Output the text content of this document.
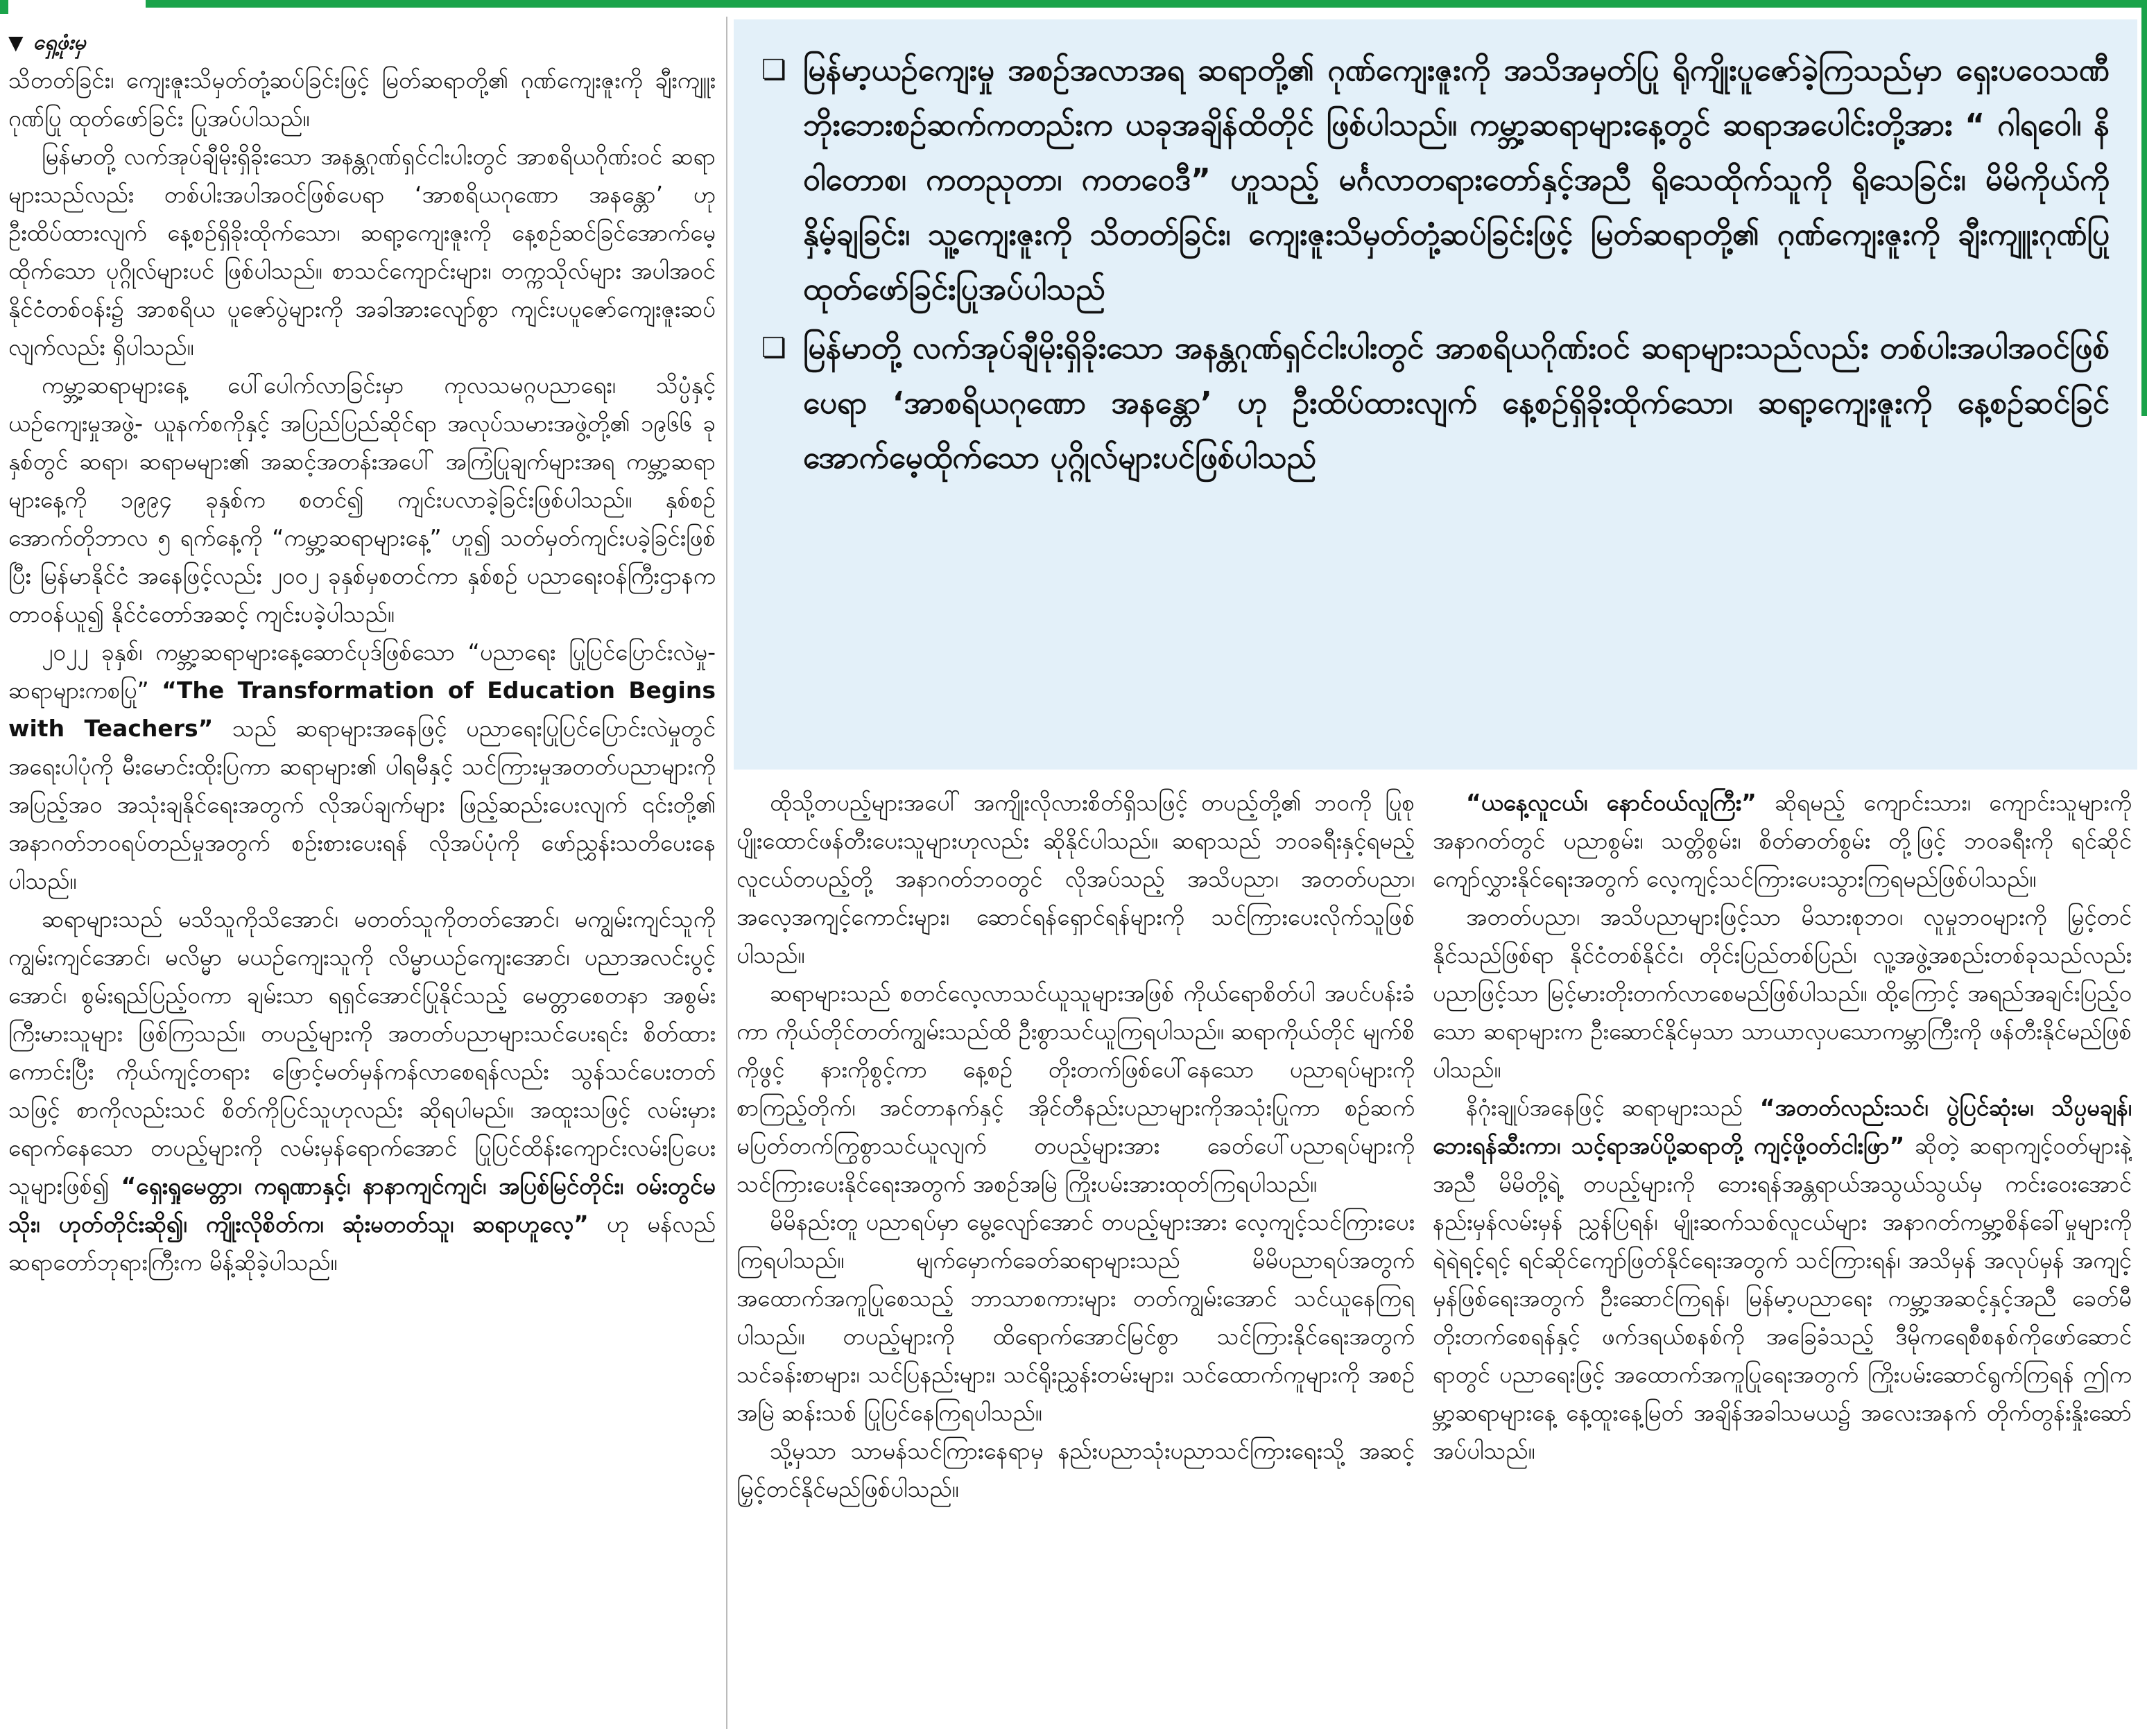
▼ ရှေ့ဖုံးမှ

သိတတ်ခြင်း၊ ကျေးဇူးသိမှတ်တုံ့ဆပ်ခြင်းဖြင့် မြတ်ဆရာတို့၏ ဂုဏ်ကျေးဇူးကို ချီးကျူးဂုဏ်ပြု ထုတ်ဖော်ခြင်း ပြုအပ်ပါသည်။

မြန်မာတို့ လက်အုပ်ချီမိုးရှိခိုးသော အနန္တဂုဏ်ရှင်ငါးပါးတွင် အာစရိယဂိုဏ်းဝင် ဆရာများသည်လည်း တစ်ပါးအပါအဝင်ဖြစ်ပေရာ ‘အာစရိယဂုဏော အနန္တော’ ဟု ဦးထိပ်ထားလျက် နေ့စဉ်ရှိခိုးထိုက်သော၊ ဆရာ့ကျေးဇူးကို နေ့စဉ်ဆင်ခြင်အောက်မေ့ထိုက်သော ပုဂ္ဂိုလ်များပင် ဖြစ်ပါသည်။ စာသင်ကျောင်းများ၊ တက္ကသိုလ်များ အပါအဝင် နိုင်ငံတစ်ဝန်း၌ အာစရိယ ပူဇော်ပွဲများကို အခါအားလျော်စွာ ကျင်းပပူဇော်ကျေးဇူးဆပ်လျက်လည်း ရှိပါသည်။

ကမ္ဘာ့ဆရာများနေ့ ပေါ်ပေါက်လာခြင်းမှာ ကုလသမဂ္ဂပညာရေး၊ သိပ္ပံနှင့် ယဉ်ကျေးမှုအဖွဲ့- ယူနက်စကိုနှင့် အပြည်ပြည်ဆိုင်ရာ အလုပ်သမားအဖွဲ့တို့၏ ၁၉၆၆ ခုနှစ်တွင် ဆရာ၊ ဆရာမများ၏ အဆင့်အတန်းအပေါ် အကြံပြုချက်များအရ ကမ္ဘာ့ဆရာများနေ့ကို ၁၉၉၄ ခုနှစ်က စတင်၍ ကျင်းပလာခဲ့ခြင်းဖြစ်ပါသည်။ နှစ်စဉ် အောက်တိုဘာလ ၅ ရက်နေ့ကို “ကမ္ဘာ့ဆရာများနေ့” ဟူ၍ သတ်မှတ်ကျင်းပခဲ့ခြင်းဖြစ်ပြီး မြန်မာနိုင်ငံ အနေဖြင့်လည်း ၂၀၀၂ ခုနှစ်မှစတင်ကာ နှစ်စဉ် ပညာရေးဝန်ကြီးဌာနက တာဝန်ယူ၍ နိုင်ငံတော်အဆင့် ကျင်းပခဲ့ပါသည်။

၂၀၂၂ ခုနှစ်၊ ကမ္ဘာ့ဆရာများနေ့ဆောင်ပုဒ်ဖြစ်သော “ပညာရေး ပြုပြင်ပြောင်းလဲမှု- ဆရာများကစပြု” “The Transformation of Education Begins with Teachers” သည် ဆရာများအနေဖြင့် ပညာရေးပြုပြင်ပြောင်းလဲမှုတွင် အရေးပါပုံကို မီးမောင်းထိုးပြကာ ဆရာများ၏ ပါရမီနှင့် သင်ကြားမှုအတတ်ပညာများကို အပြည့်အဝ အသုံးချနိုင်ရေးအတွက် လိုအပ်ချက်များ ဖြည့်ဆည်းပေးလျက် ၎င်းတို့၏ အနာဂတ်ဘဝရပ်တည်မှုအတွက် စဉ်းစားပေးရန် လိုအပ်ပုံကို ဖော်ညွှန်းသတိပေးနေပါသည်။

ဆရာများသည် မသိသူကိုသိအောင်၊ မတတ်သူကိုတတ်အောင်၊ မကျွမ်းကျင်သူကို ကျွမ်းကျင်အောင်၊ မလိမ္မာ မယဉ်ကျေးသူကို လိမ္မာယဉ်ကျေးအောင်၊ ပညာအလင်းပွင့်အောင်၊ စွမ်းရည်ပြည့်ဝကာ ချမ်းသာ ရရှင်အောင်ပြုနိုင်သည့် မေတ္တာစေတနာ အစွမ်းကြီးမားသူများ ဖြစ်ကြသည်။ တပည့်များကို အတတ်ပညာများသင်ပေးရင်း စိတ်ထားကောင်းပြီး ကိုယ်ကျင့်တရား ဖြောင့်မတ်မှန်ကန်လာစေရန်လည်း သွန်သင်ပေးတတ်သဖြင့် စာကိုလည်းသင် စိတ်ကိုပြင်သူဟုလည်း ဆိုရပါမည်။ အထူးသဖြင့် လမ်းမှားရောက်နေသော တပည့်များကို လမ်းမှန်ရောက်အောင် ပြုပြင်ထိန်းကျောင်းလမ်းပြပေးသူများဖြစ်၍ “ရှေးရှုမေတ္တာ၊ ကရုဏာနှင့်၊ နာနာကျင်ကျင်၊ အပြစ်မြင်တိုင်း၊ ဝမ်းတွင်မသိုး၊ ဟုတ်တိုင်းဆို၍၊ ကျိုးလိုစိတ်က၊ ဆုံးမတတ်သူ၊ ဆရာဟူလေ့” ဟု မန်လည်ဆရာတော်ဘုရားကြီးက မိန့်ဆိုခဲ့ပါသည်။

❏ မြန်မာ့ယဉ်ကျေးမှု အစဉ်အလာအရ ဆရာတို့၏ ဂုဏ်ကျေးဇူးကို အသိအမှတ်ပြု ရိုကျိုးပူဇော်ခဲ့ကြသည်မှာ ရှေးပဝေသဏီ ဘိုးဘေးစဉ်ဆက်ကတည်းက ယခုအချိန်ထိတိုင် ဖြစ်ပါသည်။ ကမ္ဘာ့ဆရာများနေ့တွင် ဆရာအပေါင်းတို့အား “ ဂါရဝေါ၊ နိဝါတောစ၊ ကတညုတာ၊ ကတဝေဒီ” ဟူသည့် မင်္ဂလာတရားတော်နှင့်အညီ ရိုသေထိုက်သူကို ရိုသေခြင်း၊ မိမိကိုယ်ကို နှိမ့်ချခြင်း၊ သူ့ကျေးဇူးကို သိတတ်ခြင်း၊ ကျေးဇူးသိမှတ်တုံ့ဆပ်ခြင်းဖြင့် မြတ်ဆရာတို့၏ ဂုဏ်ကျေးဇူးကို ချီးကျူးဂုဏ်ပြု ထုတ်ဖော်ခြင်းပြုအပ်ပါသည်

❏ မြန်မာတို့ လက်အုပ်ချီမိုးရှိခိုးသော အနန္တဂုဏ်ရှင်ငါးပါးတွင် အာစရိယဂိုဏ်းဝင် ဆရာများသည်လည်း တစ်ပါးအပါအဝင်ဖြစ်ပေရာ ‘အာစရိယဂုဏော အနန္တော’ ဟု ဦးထိပ်ထားလျက် နေ့စဉ်ရှိခိုးထိုက်သော၊ ဆရာ့ကျေးဇူးကို နေ့စဉ်ဆင်ခြင်အောက်မေ့ထိုက်သော ပုဂ္ဂိုလ်များပင်ဖြစ်ပါသည်

ထိုသို့တပည့်များအပေါ် အကျိုးလိုလားစိတ်ရှိသဖြင့် တပည့်တို့၏ ဘဝကို ပြုစုပျိုးထောင်ဖန်တီးပေးသူများဟုလည်း ဆိုနိုင်ပါသည်။ ဆရာသည် ဘဝခရီးနှင့်ရမည့်လူငယ်တပည့်တို့ အနာဂတ်ဘဝတွင် လိုအပ်သည့် အသိပညာ၊ အတတ်ပညာ၊ အလေ့အကျင့်ကောင်းများ၊ ဆောင်ရန်ရှောင်ရန်များကို သင်ကြားပေးလိုက်သူဖြစ်ပါသည်။

ဆရာများသည် စတင်လေ့လာသင်ယူသူများအဖြစ် ကိုယ်ရောစိတ်ပါ အပင်ပန်းခံကာ ကိုယ်တိုင်တတ်ကျွမ်းသည်ထိ ဦးစွာသင်ယူကြရပါသည်။ ဆရာကိုယ်တိုင် မျက်စိကိုဖွင့် နားကိုစွင့်ကာ နေ့စဉ် တိုးတက်ဖြစ်ပေါ်နေသော ပညာရပ်များကို စာကြည့်တိုက်၊ အင်တာနက်နှင့် အိုင်တီနည်းပညာများကိုအသုံးပြုကာ စဉ်ဆက်မပြတ်တက်ကြွစွာသင်ယူလျက် တပည့်များအား ခေတ်ပေါ်ပညာရပ်များကို သင်ကြားပေးနိုင်ရေးအတွက် အစဉ်အမြဲ ကြိုးပမ်းအားထုတ်ကြရပါသည်။

မိမိနည်းတူ ပညာရပ်မှာ မွေ့လျော်အောင် တပည့်များအား လေ့ကျင့်သင်ကြားပေးကြရပါသည်။ မျက်မှောက်ခေတ်ဆရာများသည် မိမိပညာရပ်အတွက် အထောက်အကူပြုစေသည့် ဘာသာစကားများ တတ်ကျွမ်းအောင် သင်ယူနေကြရပါသည်။ တပည့်များကို ထိရောက်အောင်မြင်စွာ သင်ကြားနိုင်ရေးအတွက် သင်ခန်းစာများ၊ သင်ပြနည်းများ၊ သင်ရိုးညွှန်းတမ်းများ၊ သင်ထောက်ကူများကို အစဉ်အမြဲ ဆန်းသစ် ပြုပြင်နေကြရပါသည်။

သို့မှသာ သာမန်သင်ကြားနေရာမှ နည်းပညာသုံးပညာသင်ကြားရေးသို့ အဆင့်မြှင့်တင်နိုင်မည်ဖြစ်ပါသည်။

“ယနေ့လူငယ်၊ နောင်ဝယ်လူကြီး” ဆိုရမည့် ကျောင်းသား၊ ကျောင်းသူများကို အနာဂတ်တွင် ပညာစွမ်း၊ သတ္တိစွမ်း၊ စိတ်ဓာတ်စွမ်း တို့ဖြင့် ဘဝခရီးကို ရင်ဆိုင်ကျော်လွှားနိုင်ရေးအတွက် လေ့ကျင့်သင်ကြားပေးသွားကြရမည်ဖြစ်ပါသည်။

အတတ်ပညာ၊ အသိပညာများဖြင့်သာ မိသားစုဘဝ၊ လူမှုဘဝများကို မြှင့်တင်နိုင်သည်ဖြစ်ရာ နိုင်ငံတစ်နိုင်ငံ၊ တိုင်းပြည်တစ်ပြည်၊ လူ့အဖွဲ့အစည်းတစ်ခုသည်လည်း ပညာဖြင့်သာ မြင့်မားတိုးတက်လာစေမည်ဖြစ်ပါသည်။ ထို့ကြောင့် အရည်အချင်းပြည့်ဝသော ဆရာများက ဦးဆောင်နိုင်မှသာ သာယာလှပသောကမ္ဘာကြီးကို ဖန်တီးနိုင်မည်ဖြစ်ပါသည်။

နိဂုံးချုပ်အနေဖြင့် ဆရာများသည် “အတတ်လည်းသင်၊ ပွဲပြင်ဆုံးမ၊ သိပ္ပမချန်၊ ဘေးရန်ဆီးကာ၊ သင့်ရာအပ်ပို့ဆရာတို့ ကျင့်ဖို့ဝတ်ငါးဖြာ” ဆိုတဲ့ ဆရာကျင့်ဝတ်များနဲ့အညီ မိမိတို့ရဲ့ တပည့်များကို ဘေးရန်အန္တရာယ်အသွယ်သွယ်မှ ကင်းဝေးအောင် နည်းမှန်လမ်းမှန် ညွှန်ပြရန်၊ မျိုးဆက်သစ်လူငယ်များ အနာဂတ်ကမ္ဘာ့စိန်ခေါ်မှုများကို ရဲရဲရင့်ရင့် ရင်ဆိုင်ကျော်ဖြတ်နိုင်ရေးအတွက် သင်ကြားရန်၊ အသိမှန် အလုပ်မှန် အကျင့်မှန်ဖြစ်ရေးအတွက် ဦးဆောင်ကြရန်၊ မြန်မာ့ပညာရေး ကမ္ဘာ့အဆင့်နှင့်အညီ ခေတ်မီတိုးတက်စေရန်နှင့် ဖက်ဒရယ်စနစ်ကို အခြေခံသည့် ဒီမိုကရေစီစနစ်ကိုဖော်ဆောင်ရာတွင် ပညာရေးဖြင့် အထောက်အကူပြုရေးအတွက် ကြိုးပမ်းဆောင်ရွက်ကြရန် ဤကမ္ဘာ့ဆရာများနေ့ နေ့ထူးနေ့မြတ် အချိန်အခါသမယ၌ အလေးအနက် တိုက်တွန်းနှိုးဆော်အပ်ပါသည်။
